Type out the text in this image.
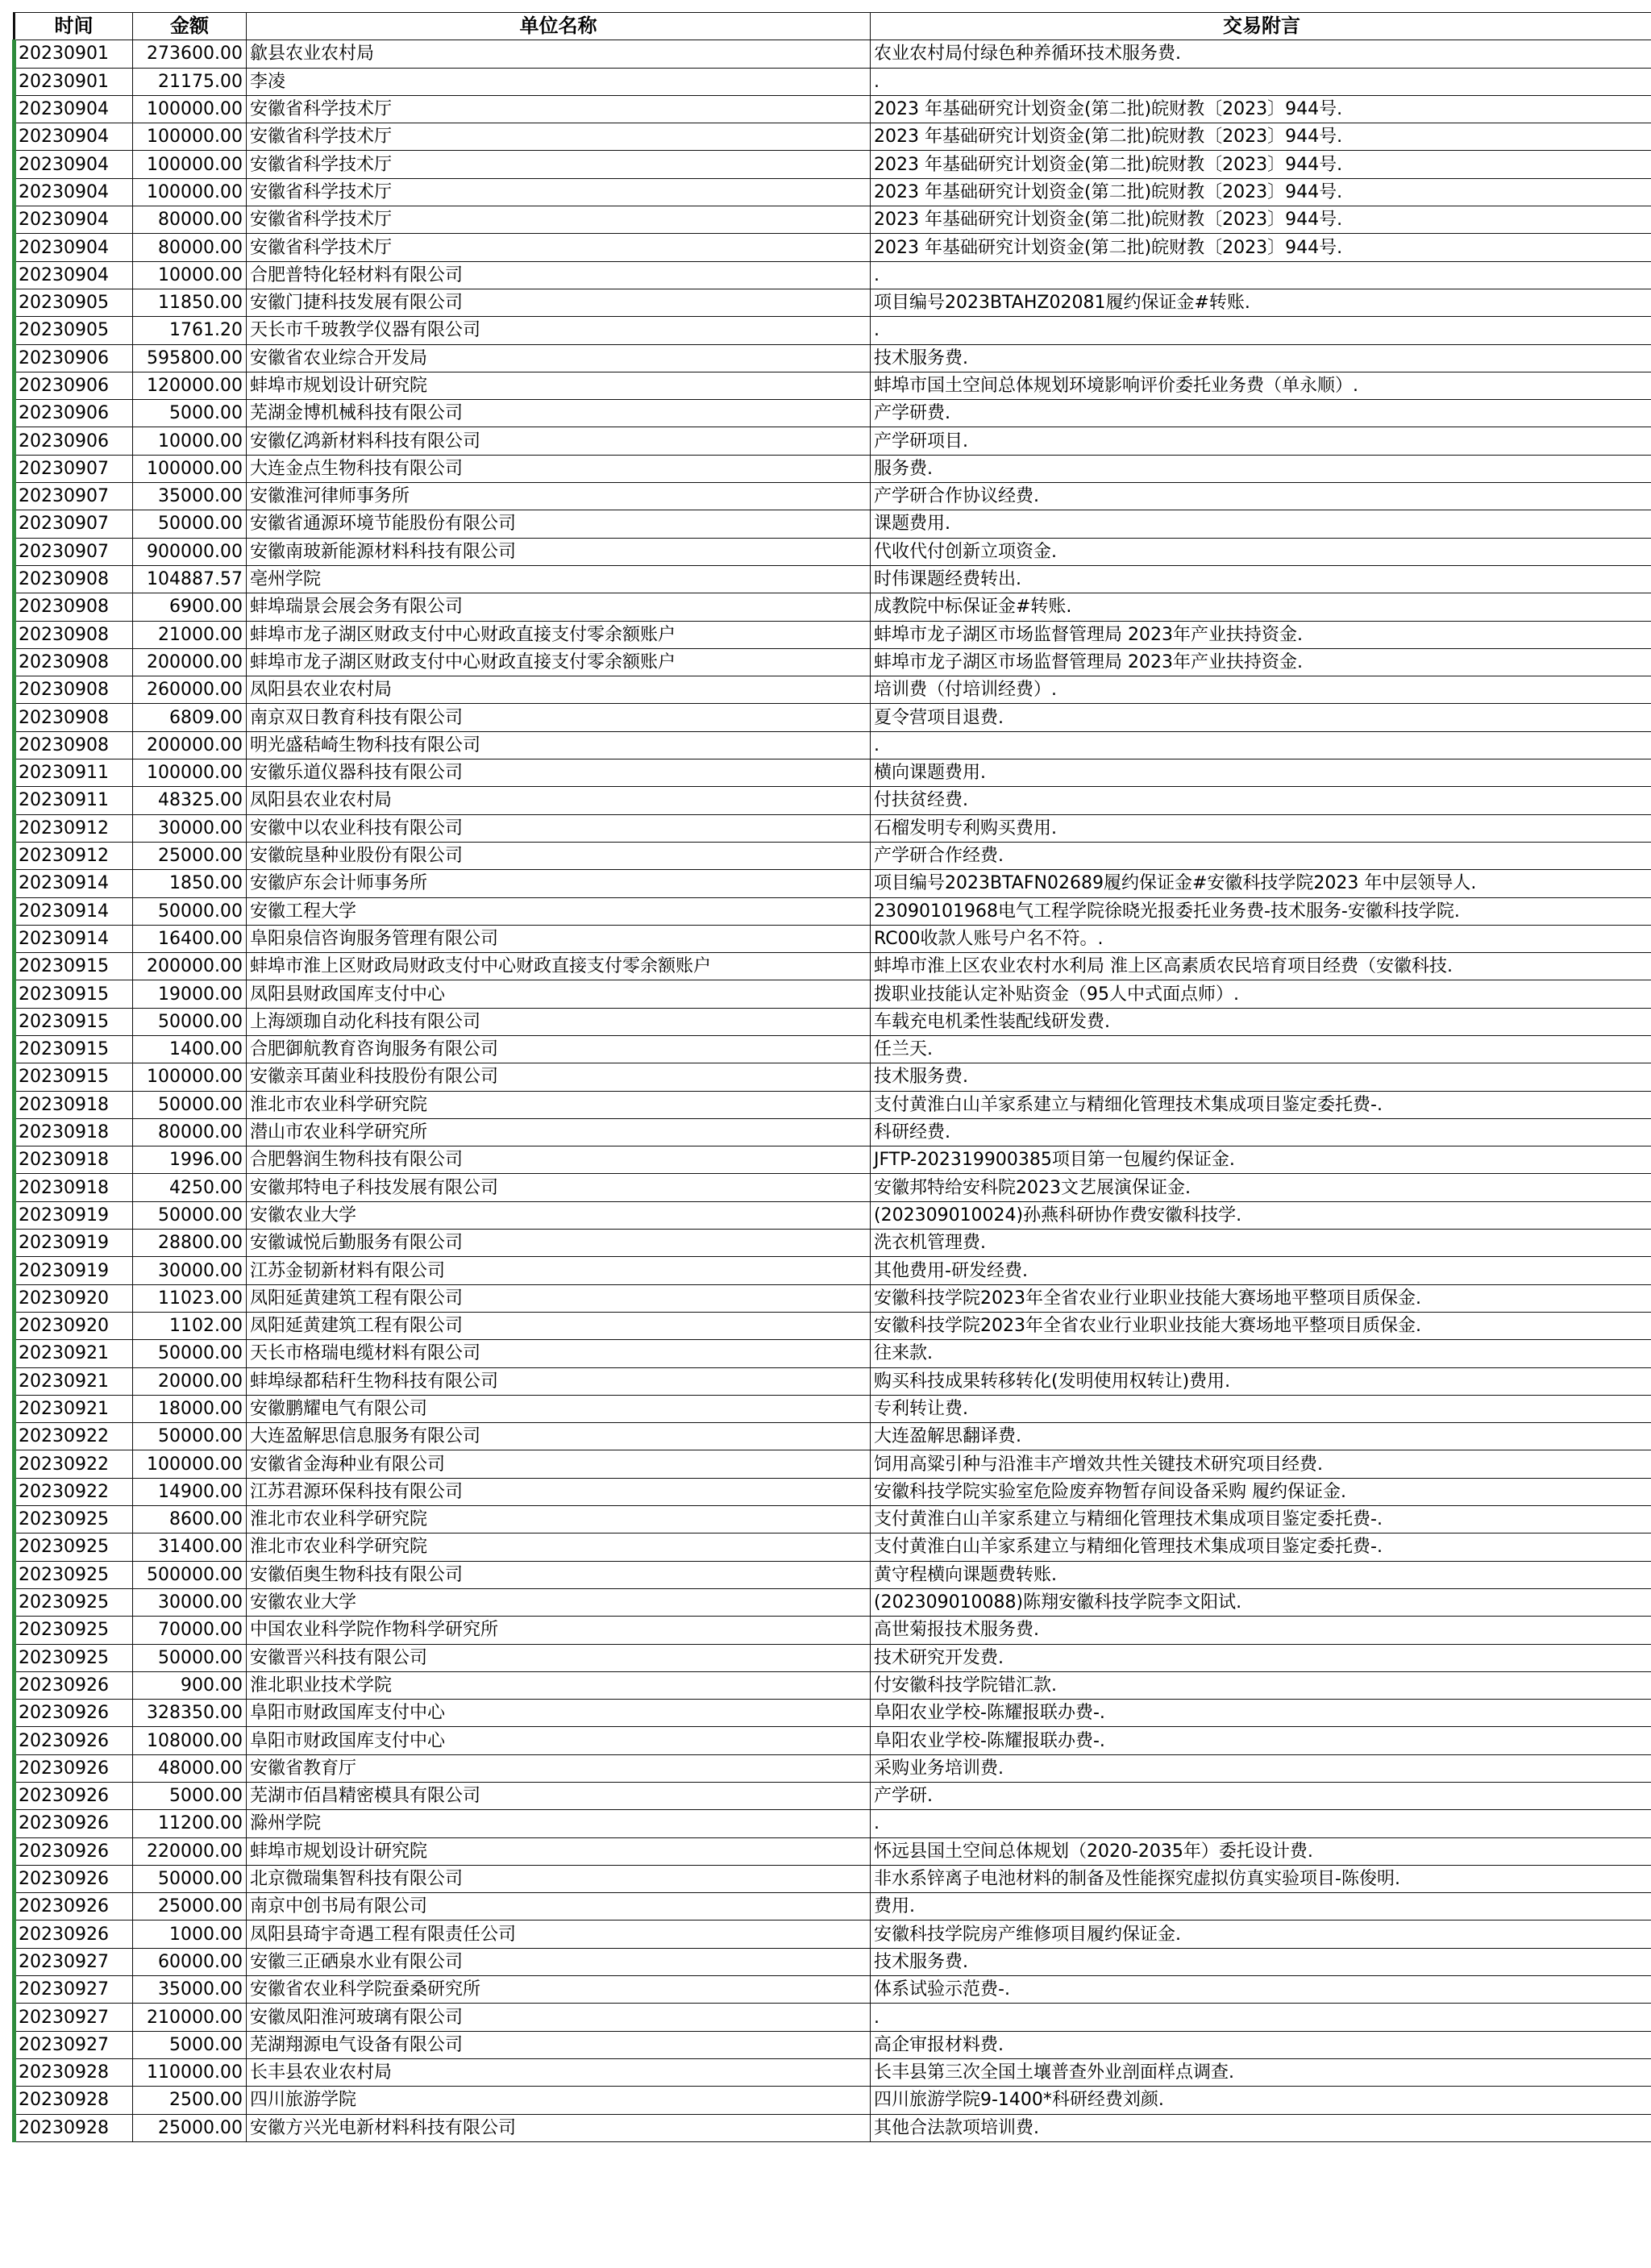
时间	金额	单位名称	交易附言
20230901	273600.00	歙县农业农村局	农业农村局付绿色种养循环技术服务费.
20230901	21175.00	李凌	.
20230904	100000.00	安徽省科学技术厅	2023 年基础研究计划资金(第二批)皖财教〔2023〕944号.
20230904	100000.00	安徽省科学技术厅	2023 年基础研究计划资金(第二批)皖财教〔2023〕944号.
20230904	100000.00	安徽省科学技术厅	2023 年基础研究计划资金(第二批)皖财教〔2023〕944号.
20230904	100000.00	安徽省科学技术厅	2023 年基础研究计划资金(第二批)皖财教〔2023〕944号.
20230904	80000.00	安徽省科学技术厅	2023 年基础研究计划资金(第二批)皖财教〔2023〕944号.
20230904	80000.00	安徽省科学技术厅	2023 年基础研究计划资金(第二批)皖财教〔2023〕944号.
20230904	10000.00	合肥普特化轻材料有限公司	.
20230905	11850.00	安徽门捷科技发展有限公司	项目编号2023BTAHZ02081履约保证金#转账.
20230905	1761.20	天长市千玻教学仪器有限公司	.
20230906	595800.00	安徽省农业综合开发局	技术服务费.
20230906	120000.00	蚌埠市规划设计研究院	蚌埠市国土空间总体规划环境影响评价委托业务费（单永顺）.
20230906	5000.00	芜湖金博机械科技有限公司	产学研费.
20230906	10000.00	安徽亿鸿新材料科技有限公司	产学研项目.
20230907	100000.00	大连金点生物科技有限公司	服务费.
20230907	35000.00	安徽淮河律师事务所	产学研合作协议经费.
20230907	50000.00	安徽省通源环境节能股份有限公司	课题费用.
20230907	900000.00	安徽南玻新能源材料科技有限公司	代收代付创新立项资金.
20230908	104887.57	亳州学院	时伟课题经费转出.
20230908	6900.00	蚌埠瑞景会展会务有限公司	成教院中标保证金#转账.
20230908	21000.00	蚌埠市龙子湖区财政支付中心财政直接支付零余额账户	蚌埠市龙子湖区市场监督管理局 2023年产业扶持资金.
20230908	200000.00	蚌埠市龙子湖区财政支付中心财政直接支付零余额账户	蚌埠市龙子湖区市场监督管理局 2023年产业扶持资金.
20230908	260000.00	凤阳县农业农村局	培训费（付培训经费）.
20230908	6809.00	南京双日教育科技有限公司	夏令营项目退费.
20230908	200000.00	明光盛秸崎生物科技有限公司	.
20230911	100000.00	安徽乐道仪器科技有限公司	横向课题费用.
20230911	48325.00	凤阳县农业农村局	付扶贫经费.
20230912	30000.00	安徽中以农业科技有限公司	石榴发明专利购买费用.
20230912	25000.00	安徽皖垦种业股份有限公司	产学研合作经费.
20230914	1850.00	安徽庐东会计师事务所	项目编号2023BTAFN02689履约保证金#安徽科技学院2023 年中层领导人.
20230914	50000.00	安徽工程大学	23090101968电气工程学院徐晓光报委托业务费-技术服务-安徽科技学院.
20230914	16400.00	阜阳泉信咨询服务管理有限公司	RC00收款人账号户名不符。.
20230915	200000.00	蚌埠市淮上区财政局财政支付中心财政直接支付零余额账户	蚌埠市淮上区农业农村水利局 淮上区高素质农民培育项目经费（安徽科技.
20230915	19000.00	凤阳县财政国库支付中心	拨职业技能认定补贴资金（95人中式面点师）.
20230915	50000.00	上海颂珈自动化科技有限公司	车载充电机柔性装配线研发费.
20230915	1400.00	合肥御航教育咨询服务有限公司	任兰天.
20230915	100000.00	安徽亲耳菌业科技股份有限公司	技术服务费.
20230918	50000.00	淮北市农业科学研究院	支付黄淮白山羊家系建立与精细化管理技术集成项目鉴定委托费-.
20230918	80000.00	潜山市农业科学研究所	科研经费.
20230918	1996.00	合肥磐润生物科技有限公司	JFTP-202319900385项目第一包履约保证金.
20230918	4250.00	安徽邦特电子科技发展有限公司	安徽邦特给安科院2023文艺展演保证金.
20230919	50000.00	安徽农业大学	(202309010024)孙燕科研协作费安徽科技学.
20230919	28800.00	安徽诚悦后勤服务有限公司	洗衣机管理费.
20230919	30000.00	江苏金韧新材料有限公司	其他费用-研发经费.
20230920	11023.00	凤阳延黄建筑工程有限公司	安徽科技学院2023年全省农业行业职业技能大赛场地平整项目质保金.
20230920	1102.00	凤阳延黄建筑工程有限公司	安徽科技学院2023年全省农业行业职业技能大赛场地平整项目质保金.
20230921	50000.00	天长市格瑞电缆材料有限公司	往来款.
20230921	20000.00	蚌埠绿都秸秆生物科技有限公司	购买科技成果转移转化(发明使用权转让)费用.
20230921	18000.00	安徽鹏耀电气有限公司	专利转让费.
20230922	50000.00	大连盈解思信息服务有限公司	大连盈解思翻译费.
20230922	100000.00	安徽省金海种业有限公司	饲用高粱引种与沿淮丰产增效共性关键技术研究项目经费.
20230922	14900.00	江苏君源环保科技有限公司	安徽科技学院实验室危险废弃物暂存间设备采购 履约保证金.
20230925	8600.00	淮北市农业科学研究院	支付黄淮白山羊家系建立与精细化管理技术集成项目鉴定委托费-.
20230925	31400.00	淮北市农业科学研究院	支付黄淮白山羊家系建立与精细化管理技术集成项目鉴定委托费-.
20230925	500000.00	安徽佰奥生物科技有限公司	黄守程横向课题费转账.
20230925	30000.00	安徽农业大学	(202309010088)陈翔安徽科技学院李文阳试.
20230925	70000.00	中国农业科学院作物科学研究所	高世菊报技术服务费.
20230925	50000.00	安徽晋兴科技有限公司	技术研究开发费.
20230926	900.00	淮北职业技术学院	付安徽科技学院错汇款.
20230926	328350.00	阜阳市财政国库支付中心	阜阳农业学校-陈耀报联办费-.
20230926	108000.00	阜阳市财政国库支付中心	阜阳农业学校-陈耀报联办费-.
20230926	48000.00	安徽省教育厅	采购业务培训费.
20230926	5000.00	芜湖市佰昌精密模具有限公司	产学研.
20230926	11200.00	滁州学院	.
20230926	220000.00	蚌埠市规划设计研究院	怀远县国土空间总体规划（2020-2035年）委托设计费.
20230926	50000.00	北京微瑞集智科技有限公司	非水系锌离子电池材料的制备及性能探究虚拟仿真实验项目-陈俊明.
20230926	25000.00	南京中创书局有限公司	费用.
20230926	1000.00	凤阳县琦宇奇遇工程有限责任公司	安徽科技学院房产维修项目履约保证金.
20230927	60000.00	安徽三正硒泉水业有限公司	技术服务费.
20230927	35000.00	安徽省农业科学院蚕桑研究所	体系试验示范费-.
20230927	210000.00	安徽凤阳淮河玻璃有限公司	.
20230927	5000.00	芜湖翔源电气设备有限公司	高企审报材料费.
20230928	110000.00	长丰县农业农村局	长丰县第三次全国土壤普查外业剖面样点调查.
20230928	2500.00	四川旅游学院	四川旅游学院9-1400*科研经费刘颜.
20230928	25000.00	安徽方兴光电新材料科技有限公司	其他合法款项培训费.
